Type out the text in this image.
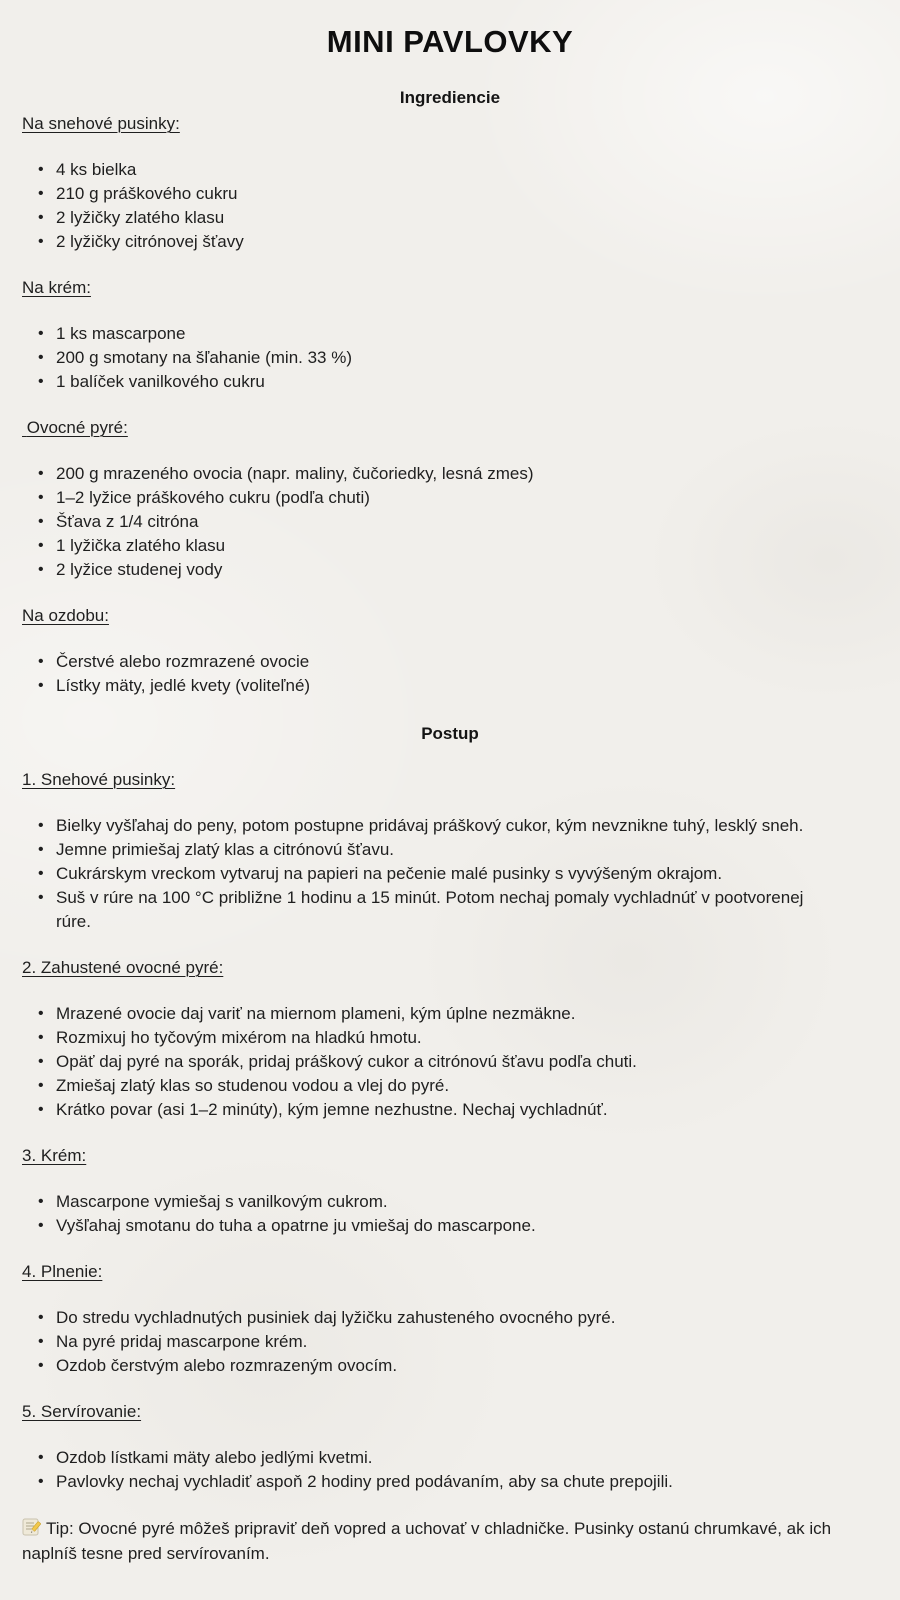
MINI PAVLOVKY
Ingrediencie
Na snehové pusinky:
• 4 ks bielka
• 210 g práškového cukru
• 2 lyžičky zlatého klasu
• 2 lyžičky citrónovej šťavy
Na krém:
• 1 ks mascarpone
• 200 g smotany na šľahanie (min. 33 %)
• 1 balíček vanilkového cukru
Ovocné pyré:
• 200 g mrazeného ovocia (napr. maliny, čučoriedky, lesná zmes)
• 1–2 lyžice práškového cukru (podľa chuti)
• Šťava z 1/4 citróna
• 1 lyžička zlatého klasu
• 2 lyžice studenej vody
Na ozdobu:
• Čerstvé alebo rozmrazené ovocie
• Lístky mäty, jedlé kvety (voliteľné)
Postup
1. Snehové pusinky:
• Bielky vyšľahaj do peny, potom postupne pridávaj práškový cukor, kým nevznikne tuhý, lesklý sneh.
• Jemne primiešaj zlatý klas a citrónovú šťavu.
• Cukrárskym vreckom vytvaruj na papieri na pečenie malé pusinky s vyvýšeným okrajom.
• Suš v rúre na 100 °C približne 1 hodinu a 15 minút. Potom nechaj pomaly vychladnúť v pootvorenej rúre.
2. Zahustené ovocné pyré:
• Mrazené ovocie daj variť na miernom plameni, kým úplne nezmäkne.
• Rozmixuj ho tyčovým mixérom na hladkú hmotu.
• Opäť daj pyré na sporák, pridaj práškový cukor a citrónovú šťavu podľa chuti.
• Zmiešaj zlatý klas so studenou vodou a vlej do pyré.
• Krátko povar (asi 1–2 minúty), kým jemne nezhustne. Nechaj vychladnúť.
3. Krém:
• Mascarpone vymiešaj s vanilkovým cukrom.
• Vyšľahaj smotanu do tuha a opatrne ju vmiešaj do mascarpone.
4. Plnenie:
• Do stredu vychladnutých pusiniek daj lyžičku zahusteného ovocného pyré.
• Na pyré pridaj mascarpone krém.
• Ozdob čerstvým alebo rozmrazeným ovocím.
5. Servírovanie:
• Ozdob lístkami mäty alebo jedlými kvetmi.
• Pavlovky nechaj vychladiť aspoň 2 hodiny pred podávaním, aby sa chute prepojili.

Tip: Ovocné pyré môžeš pripraviť deň vopred a uchovať v chladničke. Pusinky ostanú chrumkavé, ak ich naplníš tesne pred servírovaním.
